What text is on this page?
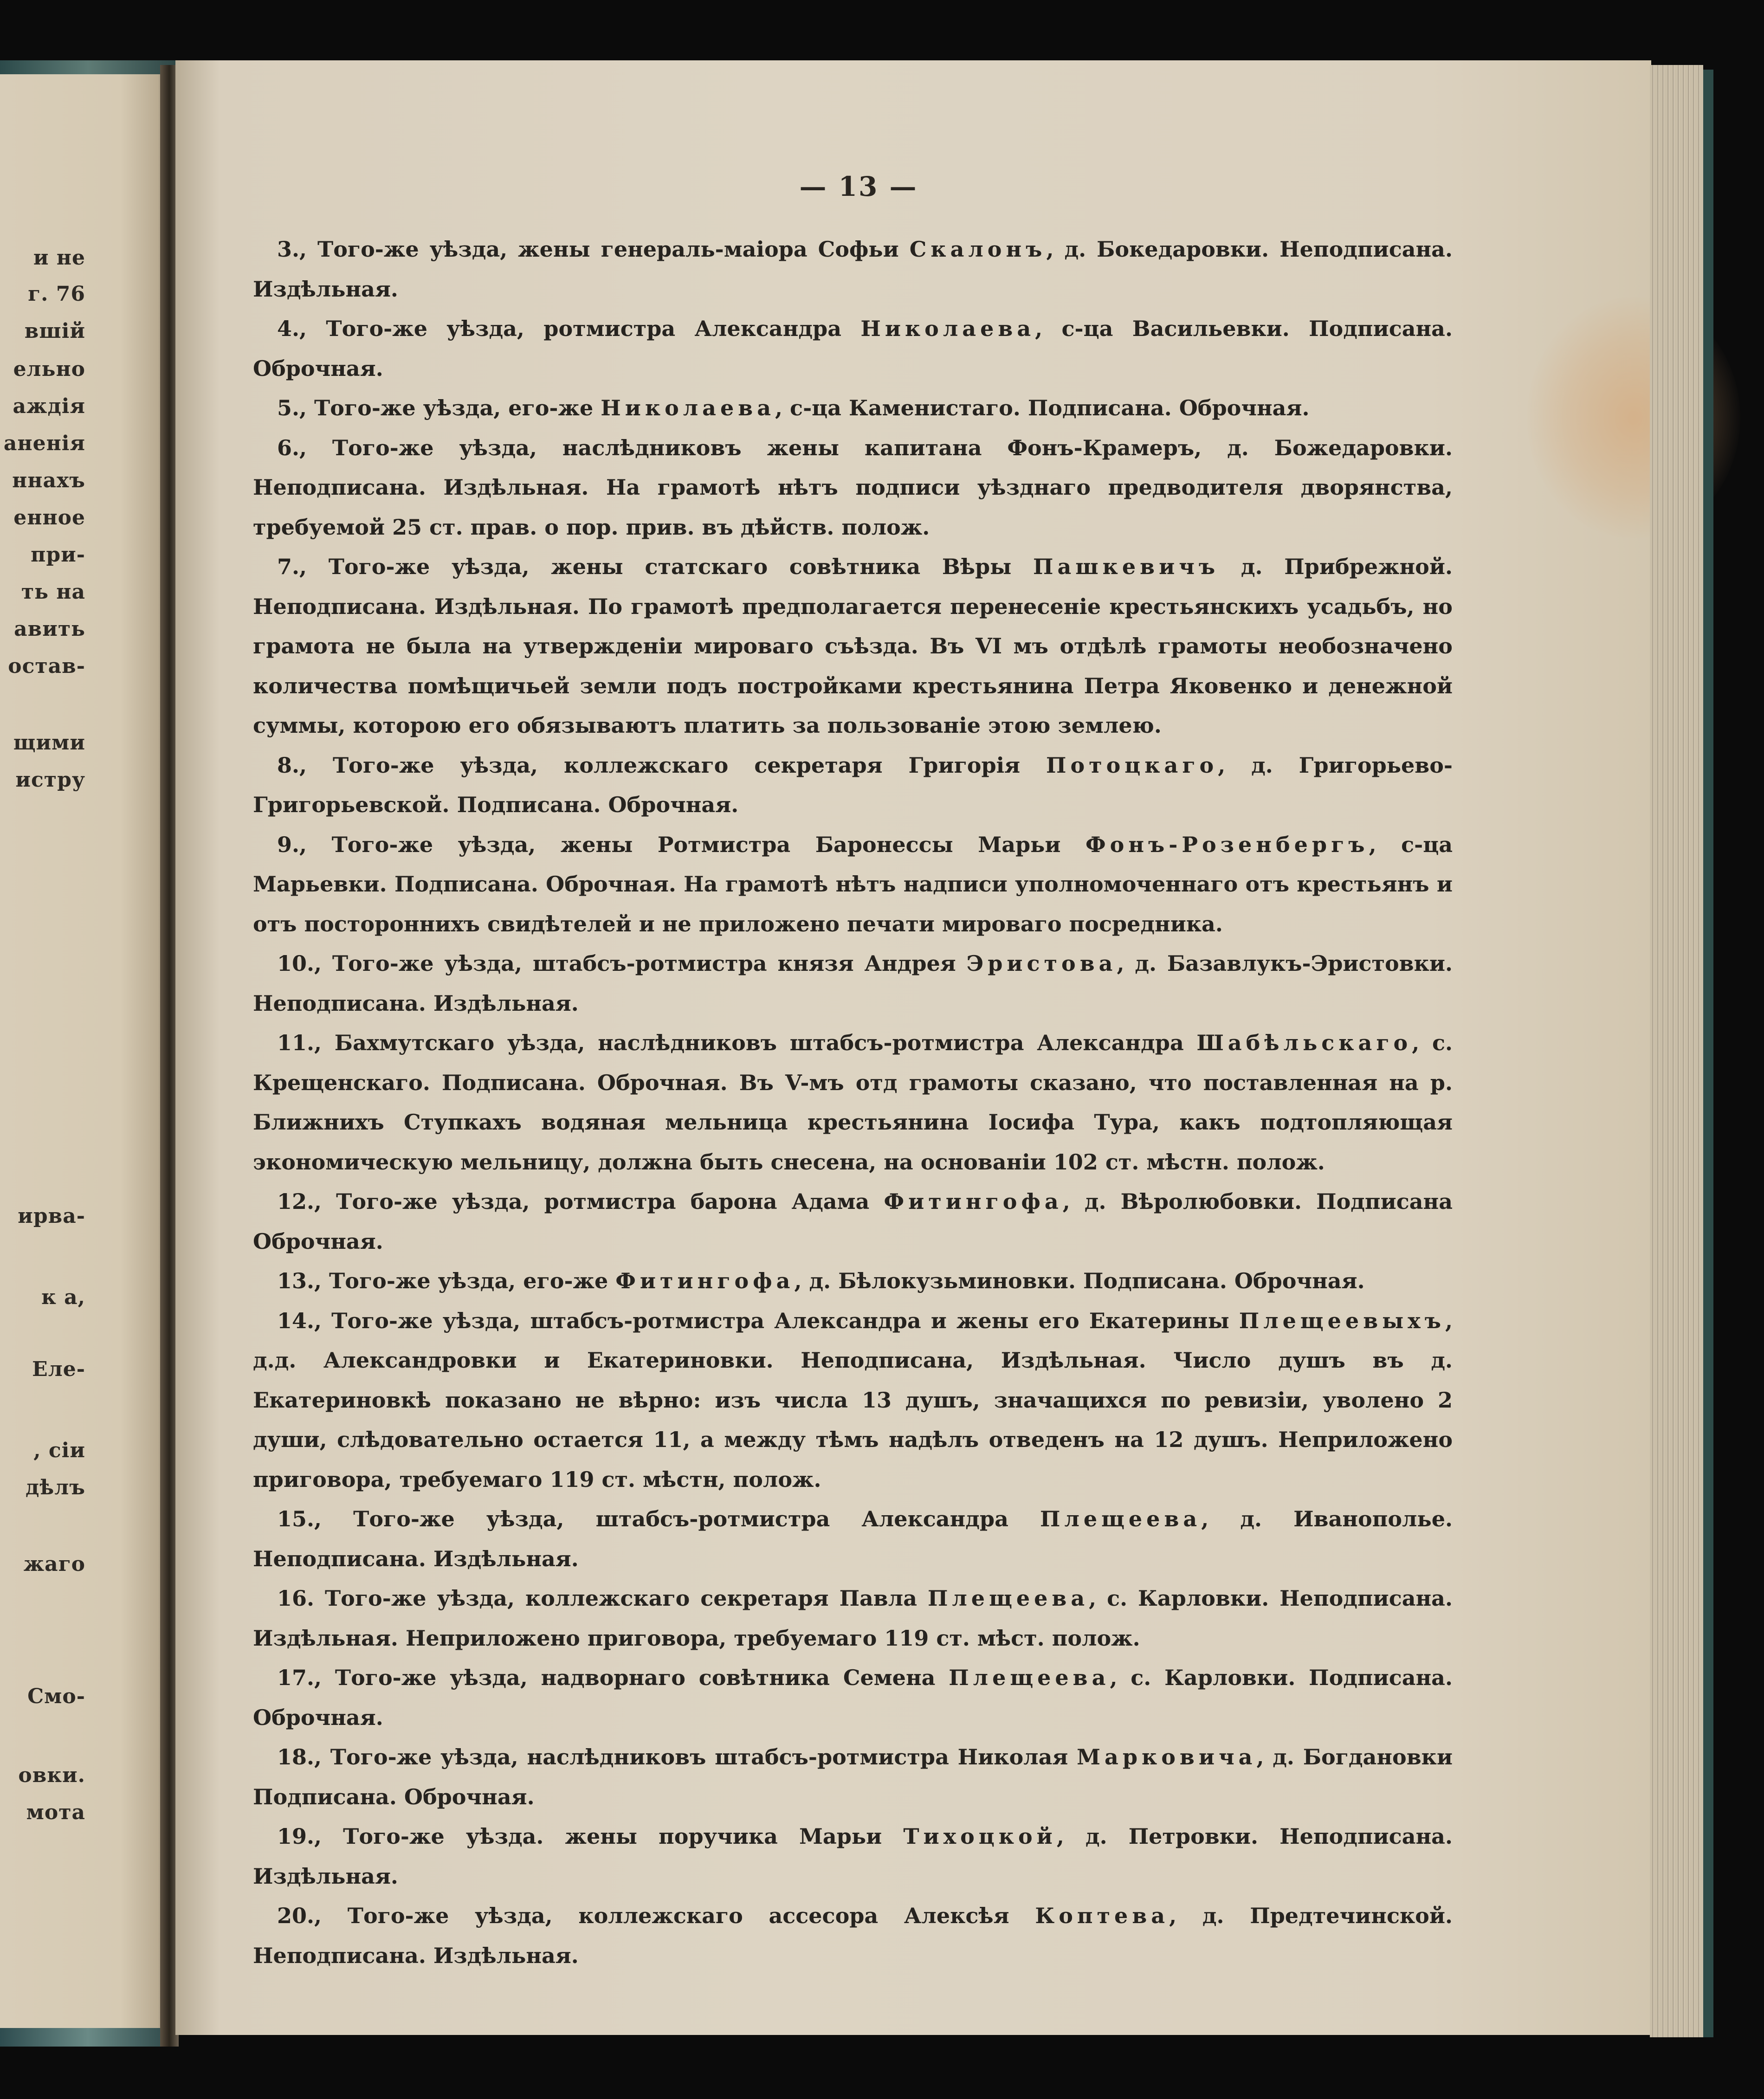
и не
г. 76
вшій
ельно
аждія
аненія
ннахъ
енное
при-
ть на
авить
остав-
щими
истру
ирва-
к а,
Еле-
, сіи
дѣлъ
жаго
Смо-
овки.
мота
— 13 —

3., Того-же уѣзда, жены генераль-маіора Софьи Скалонъ, д. Бокедаровки. Неподписана. Издѣльная.

4., Того-же уѣзда, ротмистра Александра Николаева, с-ца Васильевки. Подписана. Оброчная.

5., Того-же уѣзда, его-же Николаева, с-ца Каменистаго. Подписана. Оброчная.

6., Того-же уѣзда, наслѣдниковъ жены капитана Фонъ-Крамеръ, д. Божедаровки. Неподписана. Издѣльная. На грамотѣ нѣтъ подписи уѣзднаго предводителя дворянства, требуемой 25 ст. прав. о пор. прив. въ дѣйств. полож.

7., Того-же уѣзда, жены статскаго совѣтника Вѣры Пашкевичъ д. Прибрежной. Неподписана. Издѣльная. По грамотѣ предполагается перенесеніе крестьянскихъ усадьбъ, но грамота не была на утвержденіи мироваго съѣзда. Въ VI мъ отдѣлѣ грамоты необозначено количества помѣщичьей земли подъ постройками крестьянина Петра Яковенко и денежной суммы, которою его обязываютъ платить за пользованіе этою землею.

8., Того-же уѣзда, коллежскаго секретаря Григорія Потоцкаго, д. Григорьево-Григорьевской. Подписана. Оброчная.

9., Того-же уѣзда, жены Ротмистра Баронессы Марьи Фонъ-Розенбергъ, с-ца Марьевки. Подписана. Оброчная. На грамотѣ нѣтъ надписи уполномоченнаго отъ крестьянъ и отъ постороннихъ свидѣтелей и не приложено печати мироваго посредника.

10., Того-же уѣзда, штабсъ-ротмистра князя Андрея Эристова, д. Базавлукъ-Эристовки. Неподписана. Издѣльная.

11., Бахмутскаго уѣзда, наслѣдниковъ штабсъ-ротмистра Александра Шабѣльскаго, с. Крещенскаго. Подписана. Оброчная. Въ V-мъ отд грамоты сказано, что поставленная на р. Ближнихъ Ступкахъ водяная мельница крестьянина Іосифа Тура, какъ подтопляющая экономическую мельницу, должна быть снесена, на основаніи 102 ст. мѣстн. полож.

12., Того-же уѣзда, ротмистра барона Адама Фитингофа, д. Вѣролюбовки. Подписана Оброчная.

13., Того-же уѣзда, его-же Фитингофа, д. Бѣлокузьминовки. Подписана. Оброчная.

14., Того-же уѣзда, штабсъ-ротмистра Александра и жены его Екатерины Плещеевыхъ, д.д. Александровки и Екатериновки. Неподписана, Издѣльная. Число душъ въ д. Екатериновкѣ показано не вѣрно: изъ числа 13 душъ, значащихся по ревизіи, уволено 2 души, слѣдовательно остается 11, а между тѣмъ надѣлъ отведенъ на 12 душъ. Неприложено приговора, требуемаго 119 ст. мѣстн, полож.

15., Того-же уѣзда, штабсъ-ротмистра Александра Плещеева, д. Иванополье. Неподписана. Издѣльная.

16. Того-же уѣзда, коллежскаго секретаря Павла Плещеева, с. Карловки. Неподписана. Издѣльная. Неприложено приговора, требуемаго 119 ст. мѣст. полож.

17., Того-же уѣзда, надворнаго совѣтника Семена Плещеева, с. Карловки. Подписана. Оброчная.

18., Того-же уѣзда, наслѣдниковъ штабсъ-ротмистра Николая Марковича, д. Богдановки Подписана. Оброчная.

19., Того-же уѣзда. жены поручика Марьи Тихоцкой, д. Петровки. Неподписана. Издѣльная.

20., Того-же уѣзда, коллежскаго ассесора Алексѣя Коптева, д. Предтечинской. Неподписана. Издѣльная.
